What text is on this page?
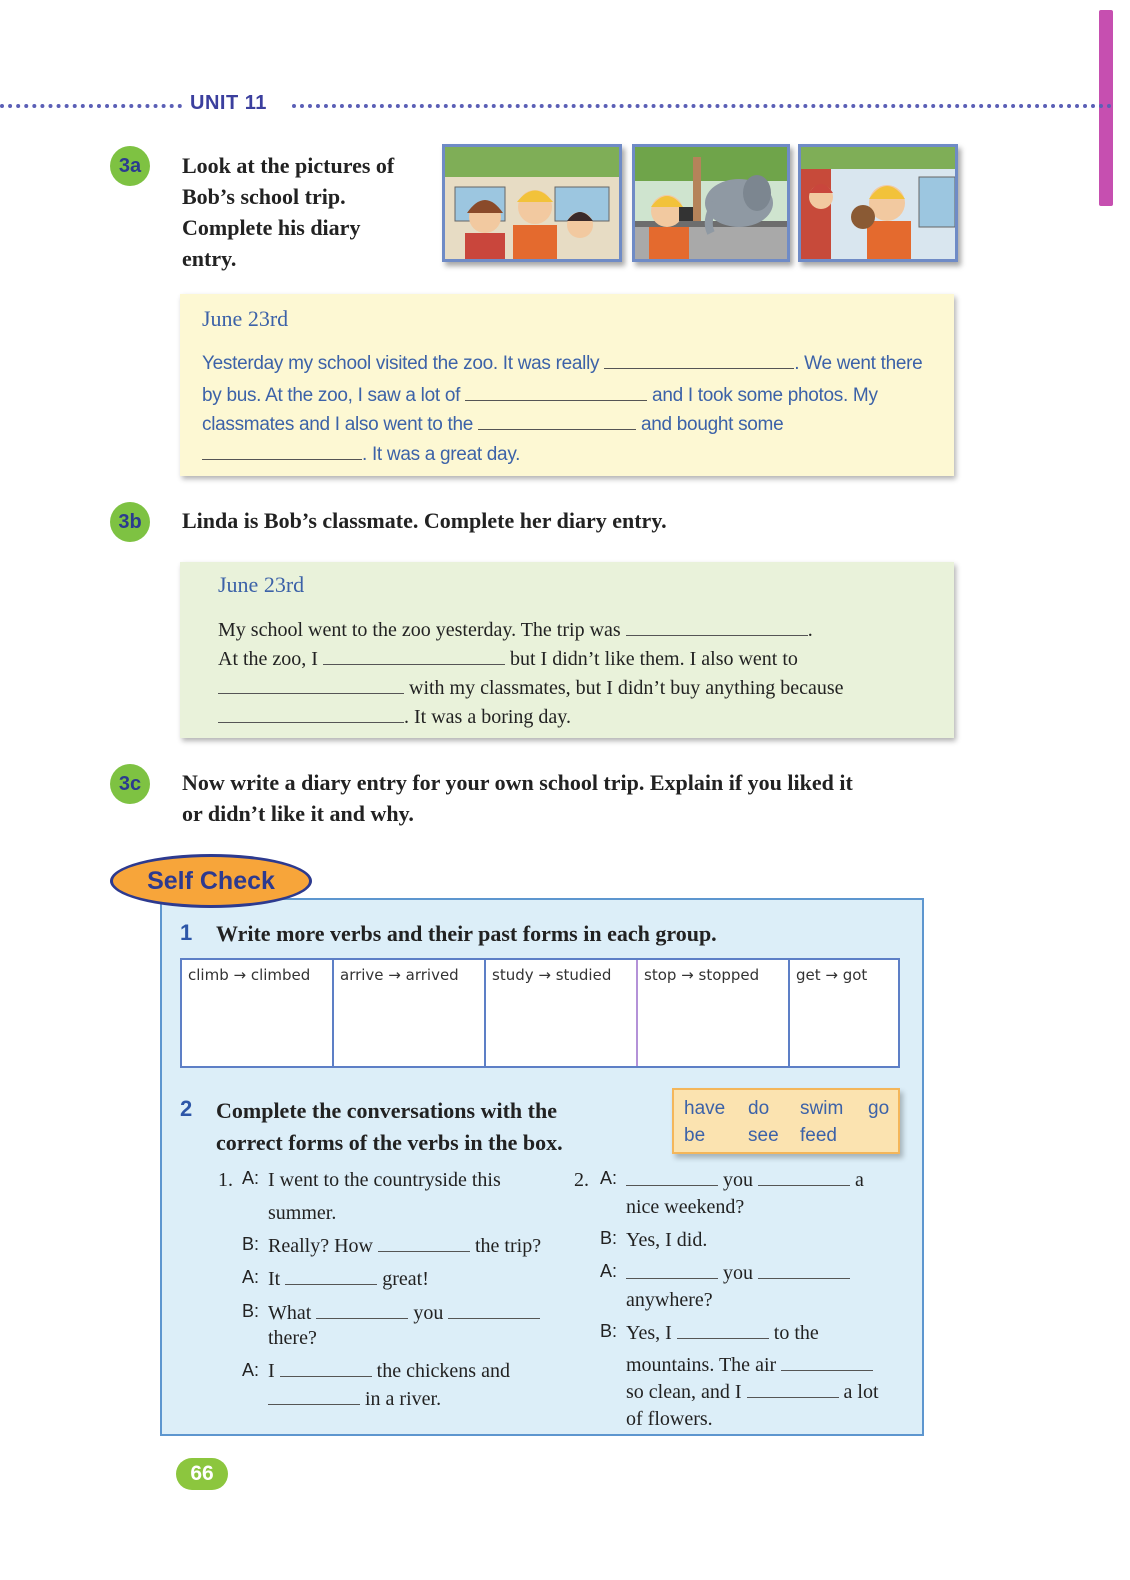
UNIT 11
3a	Look at the pictures of
Bob’s school trip.
Complete his diary
entry.
June 23rd
Yesterday my school visited the zoo. It was really	. We went there
by bus. At the zoo, I saw a lot of	and I took some photos. My
classmates and I also went to the	and bought some
. It was a great day.
3b	Linda is Bob’s classmate. Complete her diary entry.
June 23rd
My school went to the zoo yesterday. The trip was	.
At the zoo, I	but I didn’t like them. I also went to
with my classmates, but I didn’t buy anything because
. It was a boring day.
3c	Now write a diary entry for your own school trip. Explain if you liked it
or didn’t like it and why.
Self Check
1 Write more verbs and their past forms in each group.
climb → climbed	arrive → arrived	study → studied	stop → stopped	get → got
2 Complete the conversations with the
correct forms of the verbs in the box.
have do swim go
be see feed
1. A: I went to the countryside this
summer.
B: Really? How	the trip?
A: It	great!
B: What	you
there?
A: I	the chickens and
in a river.
2. A:	you	a
nice weekend?
B: Yes, I did.
A:	you
anywhere?
B: Yes, I	to the
mountains. The air
so clean, and I	a lot
of flowers.
66
